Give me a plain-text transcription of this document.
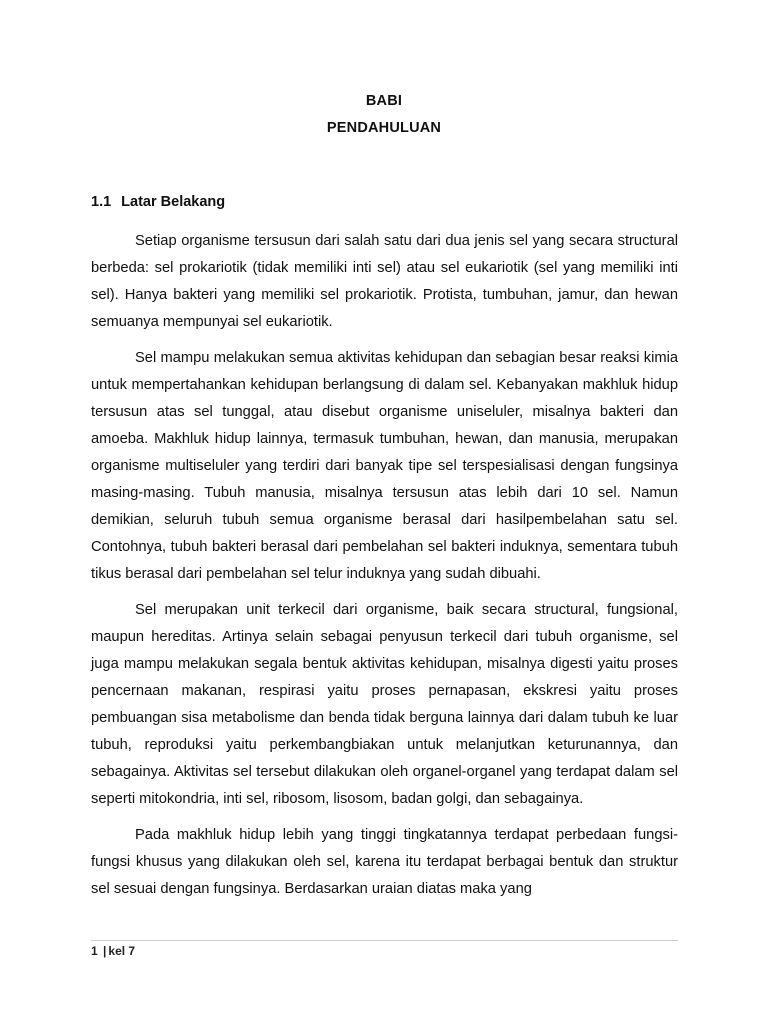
BABI
PENDAHULUAN
1.1 Latar Belakang

Setiap organisme tersusun dari salah satu dari dua jenis sel yang secara structural berbeda: sel prokariotik (tidak memiliki inti sel) atau sel eukariotik (sel yang memiliki inti sel). Hanya bakteri yang memiliki sel prokariotik. Protista, tumbuhan, jamur, dan hewan semuanya mempunyai sel eukariotik.

Sel mampu melakukan semua aktivitas kehidupan dan sebagian besar reaksi kimia untuk mempertahankan kehidupan berlangsung di dalam sel. Kebanyakan makhluk hidup tersusun atas sel tunggal, atau disebut organisme uniseluler, misalnya bakteri dan amoeba. Makhluk hidup lainnya, termasuk tumbuhan, hewan, dan manusia, merupakan organisme multiseluler yang terdiri dari banyak tipe sel terspesialisasi dengan fungsinya masing-masing. Tubuh manusia, misalnya tersusun atas lebih dari 10 sel. Namun demikian, seluruh tubuh semua organisme berasal dari hasilpembelahan satu sel. Contohnya, tubuh bakteri berasal dari pembelahan sel bakteri induknya, sementara tubuh tikus berasal dari pembelahan sel telur induknya yang sudah dibuahi.

Sel merupakan unit terkecil dari organisme, baik secara structural, fungsional, maupun hereditas. Artinya selain sebagai penyusun terkecil dari tubuh organisme, sel juga mampu melakukan segala bentuk aktivitas kehidupan, misalnya digesti yaitu proses pencernaan makanan, respirasi yaitu proses pernapasan, ekskresi yaitu proses pembuangan sisa metabolisme dan benda tidak berguna lainnya dari dalam tubuh ke luar tubuh, reproduksi yaitu perkembangbiakan untuk melanjutkan keturunannya, dan sebagainya. Aktivitas sel tersebut dilakukan oleh organel-organel yang terdapat dalam sel seperti mitokondria, inti sel, ribosom, lisosom, badan golgi, dan sebagainya.

Pada makhluk hidup lebih yang tinggi tingkatannya terdapat perbedaan fungsi-fungsi khusus yang dilakukan oleh sel, karena itu terdapat berbagai bentuk dan struktur sel sesuai dengan fungsinya. Berdasarkan uraian diatas maka yang

1 | kel 7
